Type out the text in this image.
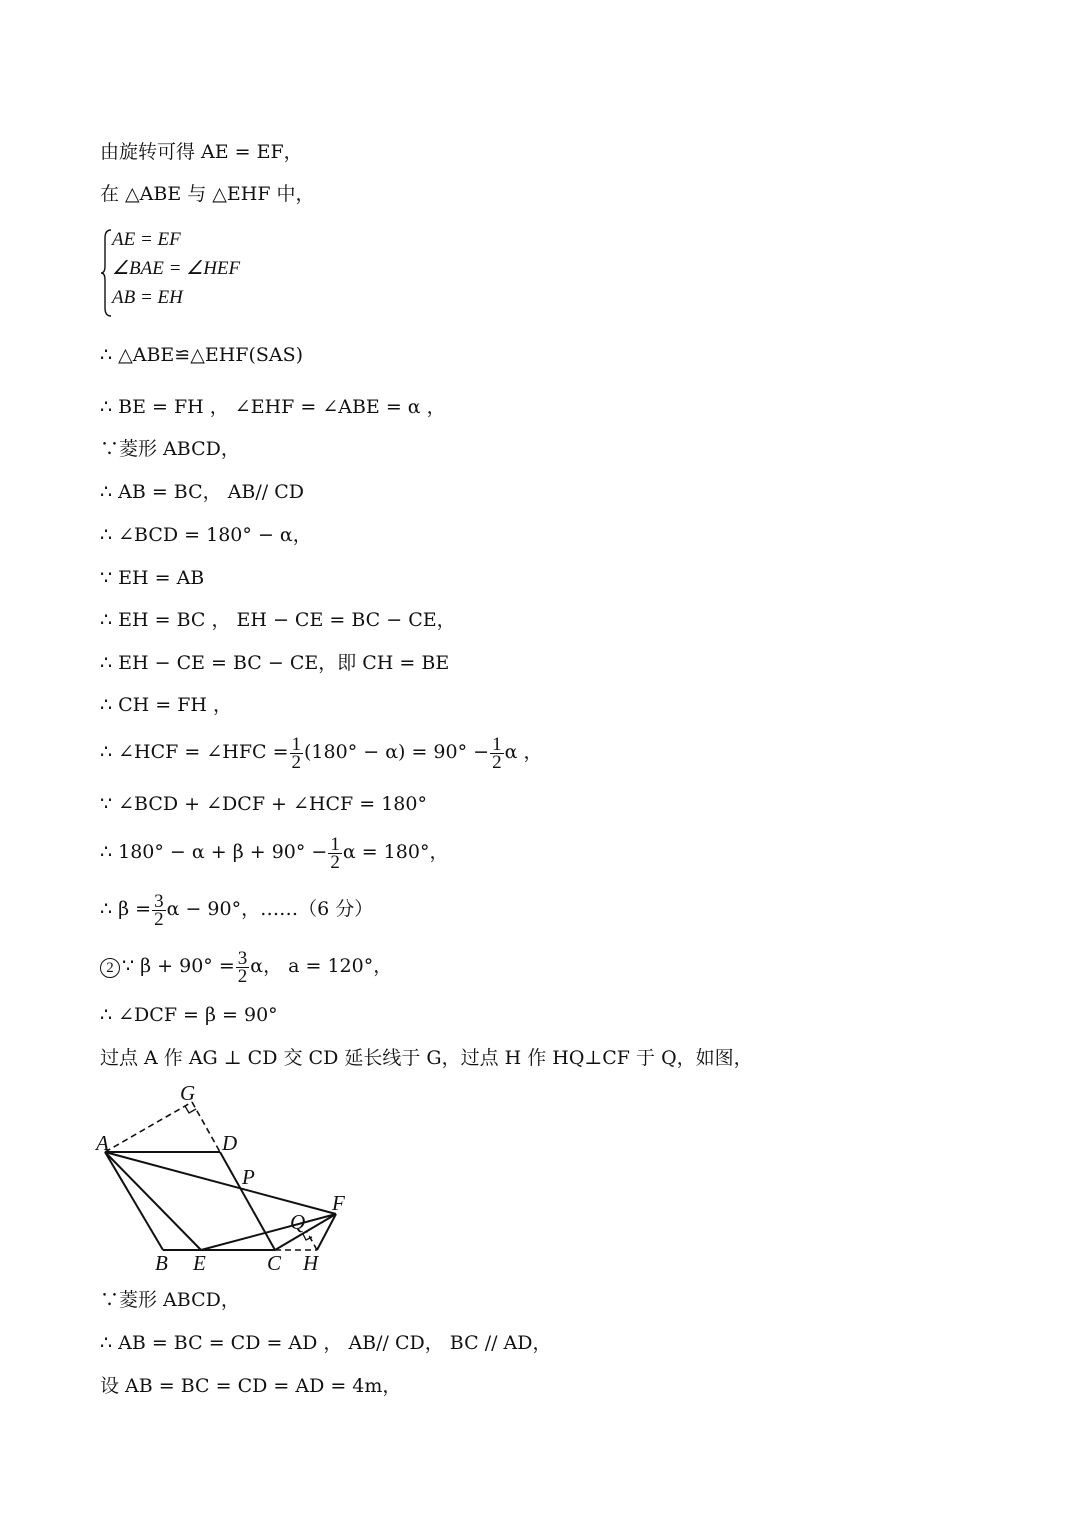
由旋转可得 AE = EF，
在 △ABE 与 △EHF 中，
AE = EF
∠BAE = ∠HEF
AB = EH
∴ △ABE≌△EHF(SAS)
∴ BE = FH ， ∠EHF = ∠ABE = α ，
∵菱形 ABCD，
∴ AB = BC， AB// CD
∴ ∠BCD = 180° − α，
∵ EH = AB
∴ EH = BC ， EH − CE = BC − CE，
∴ EH − CE = BC − CE，即 CH = BE
∴ CH = FH ，
∴ ∠HCF = ∠HFC = $\frac{1}{2} (180^\circ - \alpha) = 90^\circ - \frac{1}{2}$ α ，
∵ ∠BCD + ∠DCF + ∠HCF = 180°
∴ $180^\circ - \alpha + \beta + 90^\circ - \frac{1}{2}$ α = 180°，
∴ $\beta = \frac{3}{2}$ α − 90°，……（6 分）
2 ∵ $\beta + 90^\circ = \frac{3}{2}$ α， a = 120°，
∴ ∠DCF = β = 90°
过点 A 作 AG ⊥ CD 交 CD 延长线于 G，过点 H 作 HQ⊥CF 于 Q，如图，
G
A	D
P
F
Q
B E	C H
∵菱形 ABCD，
∴ AB = BC = CD = AD ， AB// CD， BC // AD，
设 AB = BC = CD = AD = 4m，
